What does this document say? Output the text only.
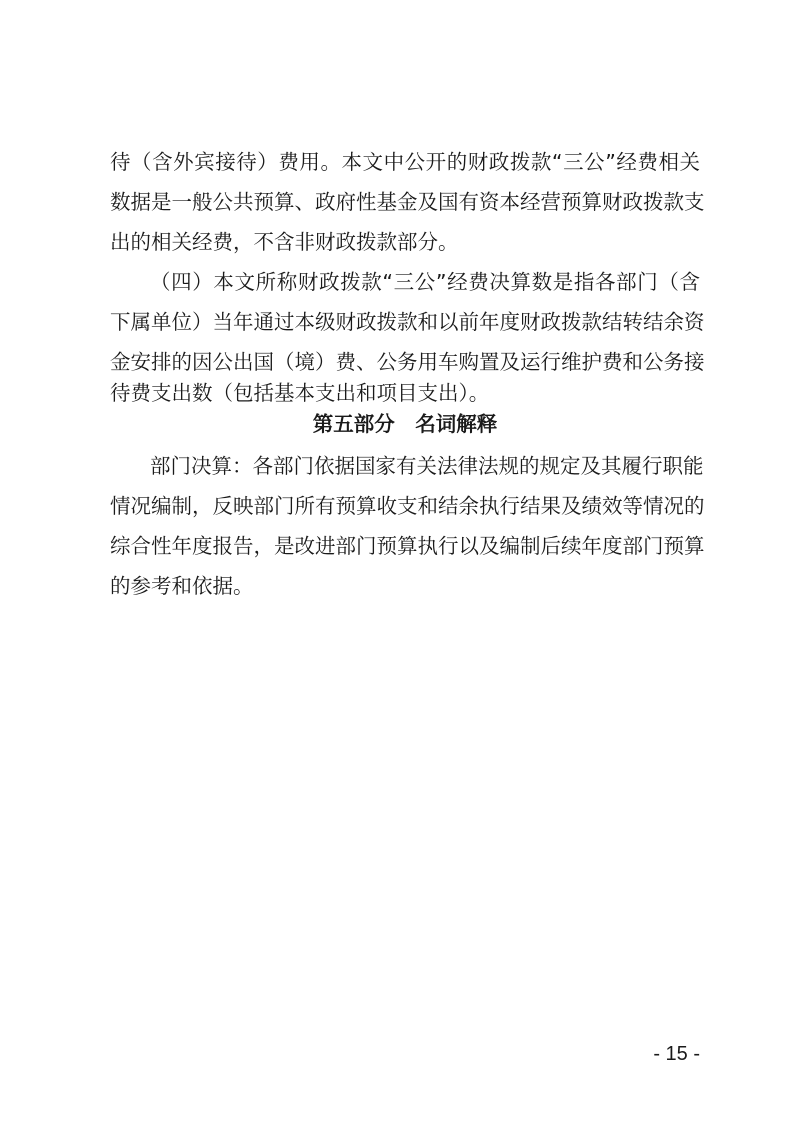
待（含外宾接待）费用。本文中公开的财政拨款“三公”经费相关
数据是一般公共预算、政府性基金及国有资本经营预算财政拨款支
出的相关经费，不含非财政拨款部分。
（四）本文所称财政拨款“三公”经费决算数是指各部门（含
下属单位）当年通过本级财政拨款和以前年度财政拨款结转结余资
金安排的因公出国（境）费、公务用车购置及运行维护费和公务接
待费支出数（包括基本支出和项目支出）。
第五部分　名词解释
部门决算：各部门依据国家有关法律法规的规定及其履行职能
情况编制，反映部门所有预算收支和结余执行结果及绩效等情况的
综合性年度报告，是改进部门预算执行以及编制后续年度部门预算
的参考和依据。
- 15 -
